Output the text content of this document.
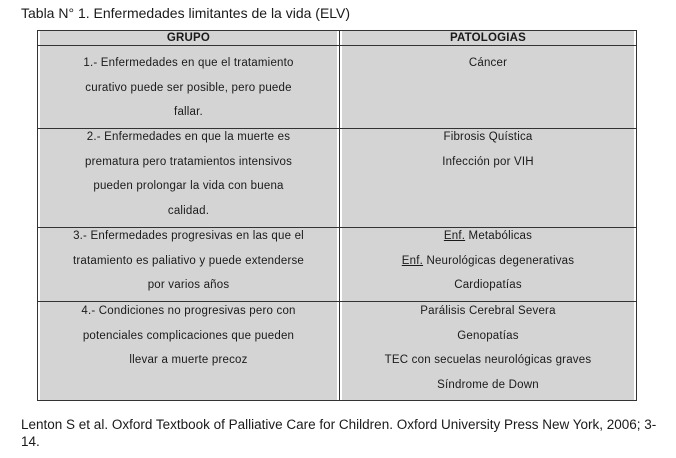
Tabla N° 1. Enfermedades limitantes de la vida (ELV)
GRUPO	PATOLOGIAS
1.- Enfermedades en que el tratamiento
curativo puede ser posible, pero puede
fallar.
Cáncer
2.- Enfermedades en que la muerte es
prematura pero tratamientos intensivos
pueden prolongar la vida con buena
calidad.
Fibrosis Quística
Infección por VIH
3.- Enfermedades progresivas en las que el
tratamiento es paliativo y puede extenderse
por varios años
Enf. Metabólicas
Enf. Neurológicas degenerativas
Cardiopatías
4.- Condiciones no progresivas pero con
potenciales complicaciones que pueden
llevar a muerte precoz
Parálisis Cerebral Severa
Genopatías
TEC con secuelas neurológicas graves
Síndrome de Down
Lenton S et al. Oxford Textbook of Palliative Care for Children. Oxford University Press New York, 2006; 3-14.
